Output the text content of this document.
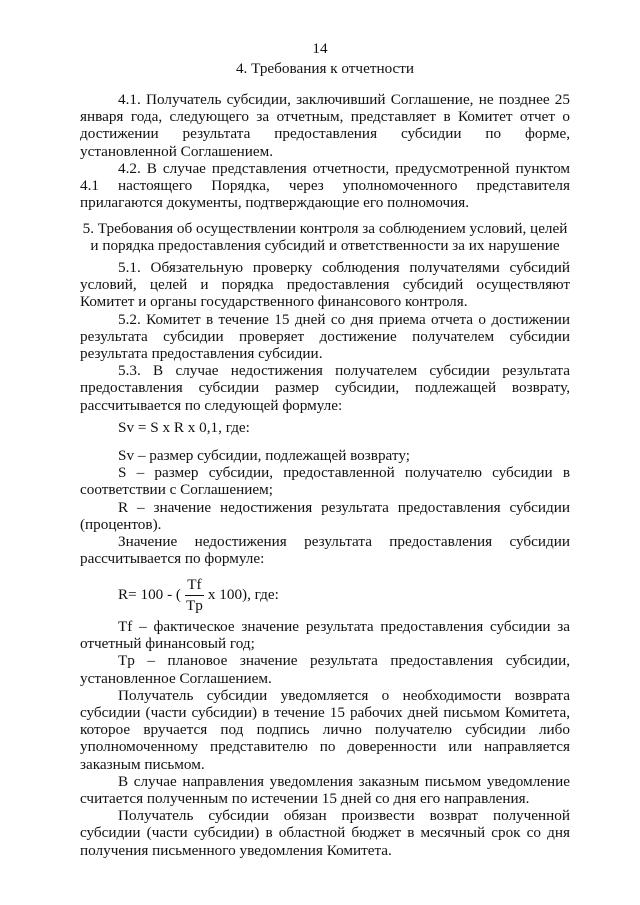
14
4. Требования к отчетности

4.1. Получатель субсидии, заключивший Соглашение, не позднее 25 января года, следующего за отчетным, представляет в Комитет отчет о достижении результата предоставления субсидии по форме, установленной Соглашением.

4.2. В случае представления отчетности, предусмотренной пунктом 4.1 настоящего Порядка, через уполномоченного представителя прилагаются документы, подтверждающие его полномочия.

5. Требования об осуществлении контроля за соблюдением условий, целей
и порядка предоставления субсидий и ответственности за их нарушение

5.1. Обязательную проверку соблюдения получателями субсидий условий, целей и порядка предоставления субсидий осуществляют Комитет и органы государственного финансового контроля.

5.2. Комитет в течение 15 дней со дня приема отчета о достижении результата субсидии проверяет достижение получателем субсидии результата предоставления субсидии.

5.3. В случае недостижения получателем субсидии результата предоставления субсидии размер субсидии, подлежащей возврату, рассчитывается по следующей формуле:

Sv = S x R x 0,1, где:

Sv – размер субсидии, подлежащей возврату;

S – размер субсидии, предоставленной получателю субсидии в соответствии с Соглашением;

R – значение недостижения результата предоставления субсидии (процентов).

Значение недостижения результата предоставления субсидии рассчитывается по формуле:

R= 100 - ( $\frac{Tf}{Tp}$ x 100), где:

Tf – фактическое значение результата предоставления субсидии за отчетный финансовый год;

Tp – плановое значение результата предоставления субсидии, установленное Соглашением.

Получатель субсидии уведомляется о необходимости возврата субсидии (части субсидии) в течение 15 рабочих дней письмом Комитета, которое вручается под подпись лично получателю субсидии либо уполномоченному представителю по доверенности или направляется заказным письмом.

В случае направления уведомления заказным письмом уведомление считается полученным по истечении 15 дней со дня его направления.

Получатель субсидии обязан произвести возврат полученной субсидии (части субсидии) в областной бюджет в месячный срок со дня получения письменного уведомления Комитета.
